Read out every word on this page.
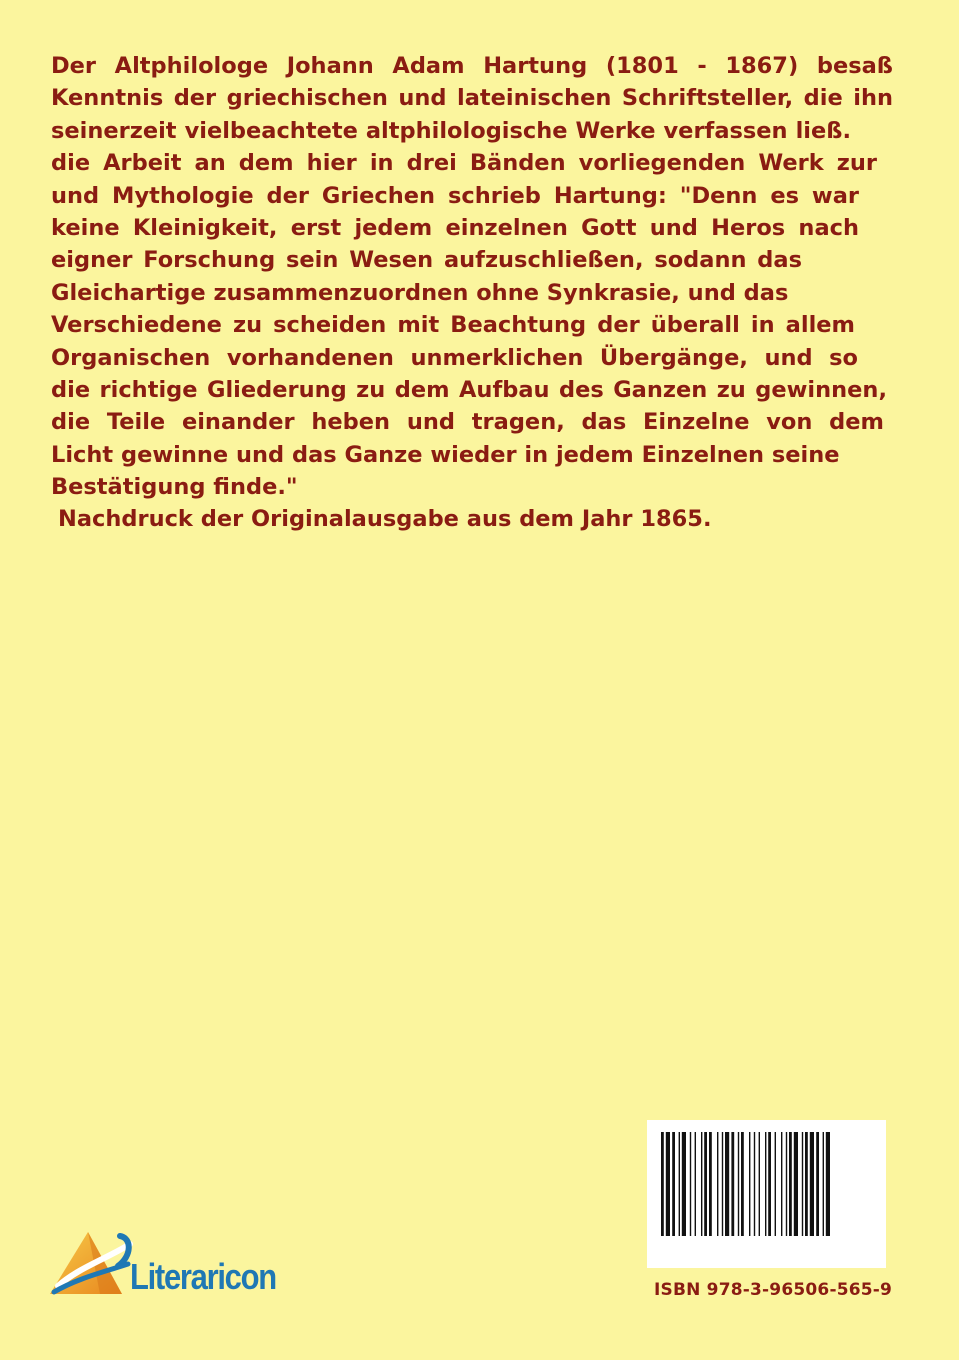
Der Altphilologe Johann Adam Hartung (1801 - 1867) besaß
Kenntnis der griechischen und lateinischen Schriftsteller, die ihn
seinerzeit vielbeachtete altphilologische Werke verfassen ließ.
die Arbeit an dem hier in drei Bänden vorliegenden Werk zur
und Mythologie der Griechen schrieb Hartung: "Denn es war
keine Kleinigkeit, erst jedem einzelnen Gott und Heros nach
eigner Forschung sein Wesen aufzuschließen, sodann das
Gleichartige zusammenzuordnen ohne Synkrasie, und das
Verschiedene zu scheiden mit Beachtung der überall in allem
Organischen vorhandenen unmerklichen Übergänge, und so
die richtige Gliederung zu dem Aufbau des Ganzen zu gewinnen,
die Teile einander heben und tragen, das Einzelne von dem
Licht gewinne und das Ganze wieder in jedem Einzelnen seine
Bestätigung finde."
Nachdruck der Originalausgabe aus dem Jahr 1865.
ISBN 978-3-96506-565-9
Literaricon
